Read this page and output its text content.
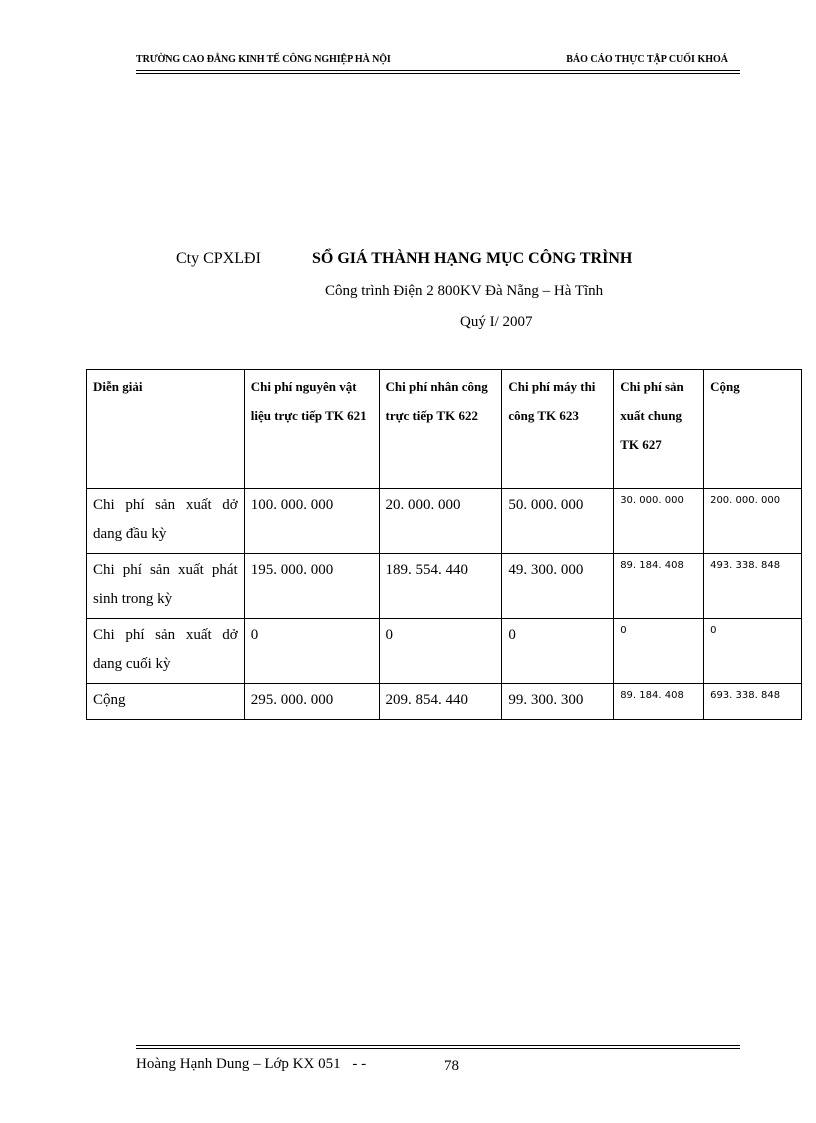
TRƯỜNG CAO ĐẲNG KINH TẾ CÔNG NGHIỆP HÀ NỘI	BÁO CÁO THỰC TẬP CUỐI KHOÁ
Cty CPXLĐI	SỔ GIÁ THÀNH HẠNG MỤC CÔNG TRÌNH
Công trình Điện 2 800KV Đà Nẵng – Hà Tĩnh
Quý I/ 2007
Diễn giải	Chi phí nguyên vật liệu trực tiếp TK 621	Chi phí nhân công trực tiếp TK 622	Chi phí máy thi công TK 623	Chi phí sản xuất chung TK 627	Cộng
Chi phí sản xuất dở dang đầu kỳ	100. 000. 000	20. 000. 000	50. 000. 000	30. 000. 000	200. 000. 000
Chi phí sản xuất phát sinh trong kỳ	195. 000. 000	189. 554. 440	49. 300. 000	89. 184. 408	493. 338. 848
Chi phí sản xuất dở dang cuối kỳ	0	0	0	0	0
Cộng	295. 000. 000	209. 854. 440	99. 300. 300	89. 184. 408	693. 338. 848
Hoàng Hạnh Dung – Lớp KX 051 - -	78
